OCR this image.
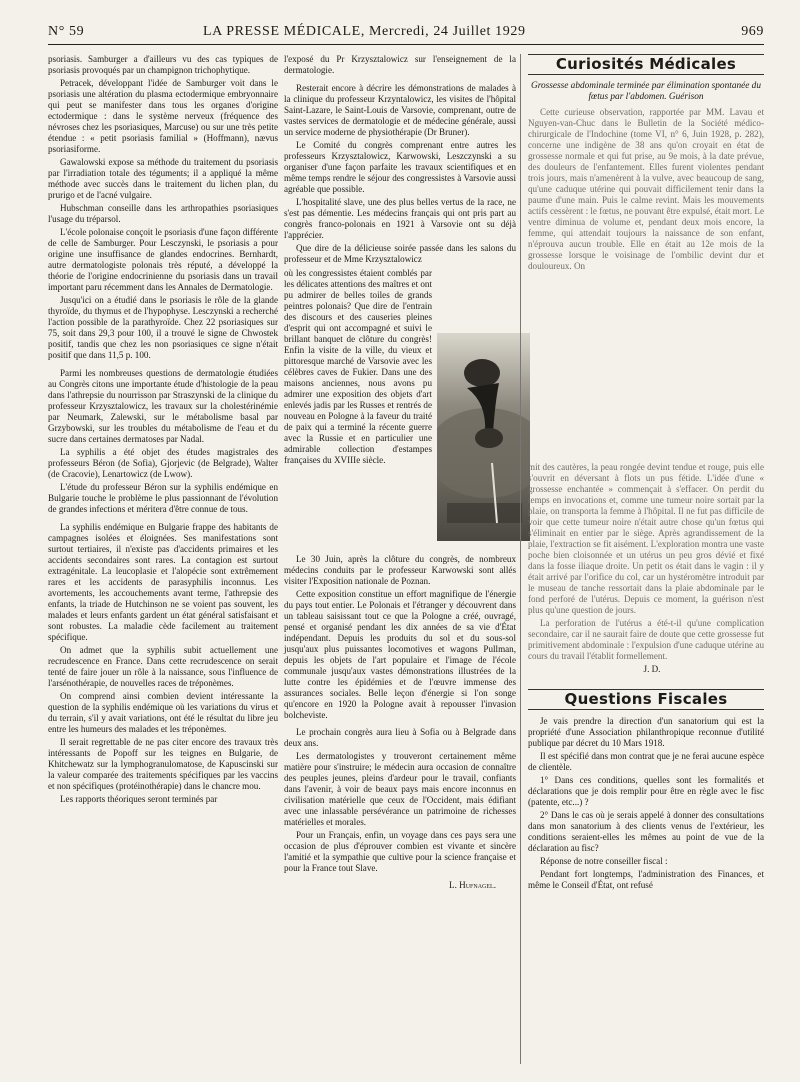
N° 59	LA PRESSE MÉDICALE, Mercredi, 24 Juillet 1929	969

psoriasis. Samburger a d'ailleurs vu des cas typiques de psoriasis provoqués par un champignon trichophytique.

Petracek, développant l'idée de Samburger voit dans le psoriasis une altération du plasma ectodermique embryonnaire qui peut se manifester dans tous les organes d'origine ectodermique : dans le système nerveux (fréquence des névroses chez les psoriasiques, Marcuse) ou sur une très petite étendue : « petit psoriasis familial » (Hoffmann), nævus psoriasiforme.

Gawalowski expose sa méthode du traitement du psoriasis par l'irradiation totale des téguments; il a appliqué la même méthode avec succès dans le traitement du lichen plan, du prurigo et de l'acné vulgaire.

Hubschman conseille dans les arthropathies psoriasiques l'usage du tréparsol.

L'école polonaise conçoit le psoriasis d'une façon différente de celle de Samburger. Pour Lesczynski, le psoriasis a pour origine une insuffisance de glandes endocrines. Bernhardt, autre dermatologiste polonais très réputé, a développé la théorie de l'origine endocrinienne du psoriasis dans un travail important paru récemment dans les Annales de Dermatologie.

Jusqu'ici on a étudié dans le psoriasis le rôle de la glande thyroïde, du thymus et de l'hypophyse. Lesczynski a recherché l'action possible de la parathyroïde. Chez 22 psoriasiques sur 75, soit dans 29,3 pour 100, il a trouvé le signe de Chwostek positif, tandis que chez les non psoriasiques ce signe n'était positif que dans 11,5 p. 100.

Parmi les nombreuses questions de dermatologie étudiées au Congrès citons une importante étude d'histologie de la peau dans l'athrepsie du nourrisson par Straszynski de la clinique du professeur Krzysztalowicz, les travaux sur la cholestérinémie par Neumark, Zalewski, sur le métabolisme basal par Grzybowski, sur les troubles du métabolisme de l'eau et du sucre dans certaines dermatoses par Nadal.

La syphilis a été objet des études magistrales des professeurs Béron (de Sofia), Gjorjevic (de Belgrade), Walter (de Cracovie), Lenartowicz (de Lwow).

L'étude du professeur Béron sur la syphilis endémique en Bulgarie touche le problème le plus passionnant de l'évolution de grandes infections et méritera d'être connue de tous.

La syphilis endémique en Bulgarie frappe des habitants de campagnes isolées et éloignées. Ses manifestations sont surtout tertiaires, il n'existe pas d'accidents primaires et les accidents secondaires sont rares. La contagion est surtout extragénitale. La leucoplasie et l'alopécie sont extrêmement rares et les accidents de parasyphilis inconnus. Les avortements, les accouchements avant terme, l'athrepsie des enfants, la triade de Hutchinson ne se voient pas souvent, les malades et leurs enfants gardent un état général satisfaisant et sont robustes. La maladie cède facilement au traitement spécifique.

On admet que la syphilis subit actuellement une recrudescence en France. Dans cette recrudescence on serait tenté de faire jouer un rôle à la naissance, sous l'influence de l'arsénothérapie, de nouvelles races de tréponèmes.

On comprend ainsi combien devient intéressante la question de la syphilis endémique où les variations du virus et du terrain, s'il y avait variations, ont été le résultat du libre jeu entre les humeurs des malades et les tréponèmes.

Il serait regrettable de ne pas citer encore des travaux très intéressants de Popoff sur les teignes en Bulgarie, de Khitchewatz sur la lymphogranulomatose, de Kapuscinski sur la valeur comparée des traitements spécifiques par les vaccins et non spécifiques (protéinothérapie) dans le chancre mou.

Les rapports théoriques seront terminés par

l'exposé du Pr Krzysztalowicz sur l'enseignement de la dermatologie.

Resterait encore à décrire les démonstrations de malades à la clinique du professeur Krzyntalowicz, les visites de l'hôpital Saint-Lazare, le Saint-Louis de Varsovie, comprenant, outre de vastes services de dermatologie et de médecine générale, aussi un service moderne de physiothérapie (Dr Bruner).

Le Comité du congrès comprenant entre autres les professeurs Krzysztalowicz, Karwowski, Leszczynski a su organiser d'une façon parfaite les travaux scientifiques et en même temps rendre le séjour des congressistes à Varsovie aussi agréable que possible.

L'hospitalité slave, une des plus belles vertus de la race, ne s'est pas démentie. Les médecins français qui ont pris part au congrès franco-polonais en 1921 à Varsovie ont su déjà l'apprécier.

Que dire de la délicieuse soirée passée dans les salons du professeur et de Mme Krzysztalowicz

où les congressistes étaient comblés par les délicates attentions des maîtres et ont pu admirer de belles toiles de grands peintres polonais? Que dire de l'entrain des discours et des causeries pleines d'esprit qui ont accompagné et suivi le brillant banquet de clôture du congrès! Enfin la visite de la ville, du vieux et pittoresque marché de Varsovie avec les célèbres caves de Fukier. Dans une des maisons anciennes, nous avons pu admirer une exposition des objets d'art enlevés jadis par les Russes et rentrés de nouveau en Pologne à la faveur du traité de paix qui a terminé la récente guerre avec la Russie et en particulier une admirable collection d'estampes françaises du XVIIIe siècle.

Le 30 Juin, après la clôture du congrès, de nombreux médecins conduits par le professeur Karwowski sont allés visiter l'Exposition nationale de Poznan.

Cette exposition constitue un effort magnifique de l'énergie du pays tout entier. Le Polonais et l'étranger y découvrent dans un tableau saisissant tout ce que la Pologne a créé, ouvragé, pensé et organisé pendant les dix années de sa vie d'État indépendant. Depuis les produits du sol et du sous-sol jusqu'aux plus puissantes locomotives et wagons Pullman, depuis les objets de l'art populaire et l'image de l'école communale jusqu'aux vastes démonstrations illustrées de la lutte contre les épidémies et de l'œuvre immense des assurances sociales. Belle leçon d'énergie si l'on songe qu'encore en 1920 la Pologne avait à repousser l'invasion bolcheviste.

Le prochain congrès aura lieu à Sofia ou à Belgrade dans deux ans.

Les dermatologistes y trouveront certainement même matière pour s'instruire; le médecin aura occasion de connaître des peuples jeunes, pleins d'ardeur pour le travail, confiants dans l'avenir, à voir de beaux pays mais encore inconnus en civilisation matérielle que ceux de l'Occident, mais édifiant avec une inlassable persévérance un patrimoine de richesses matérielles et morales.

Pour un Français, enfin, un voyage dans ces pays sera une occasion de plus d'éprouver combien est vivante et sincère l'amitié et la sympathie que cultive pour la science française et pour la France tout Slave.

L. Hufnagel.

Curiosités Médicales
Grossesse abdominale terminée par élimination spontanée du fœtus par l'abdomen. Guérison

Cette curieuse observation, rapportée par MM. Lavau et Nguyen-van-Chuc dans le Bulletin de la Société médico-chirurgicale de l'Indochine (tome VI, n° 6, Juin 1928, p. 282), concerne une indigène de 38 ans qu'on croyait en état de grossesse normale et qui fut prise, au 9e mois, à la date prévue, des douleurs de l'enfantement. Elles furent violentes pendant trois jours, mais n'amenèrent à la vulve, avec beaucoup de sang, qu'une caduque utérine qui pouvait difficilement tenir dans la paume d'une main. Puis le calme revint. Mais les mouvements actifs cessèrent : le fœtus, ne pouvant être expulsé, était mort. Le ventre diminua de volume et, pendant deux mois encore, la femme, qui attendait toujours la naissance de son enfant, n'éprouva aucun trouble. Elle en était au 12e mois de la grossesse lorsque le voisinage de l'ombilic devint dur et douloureux. On

mit des cautères, la peau rongée devint tendue et rouge, puis elle s'ouvrit en déversant à flots un pus fétide. L'idée d'une « grossesse enchantée » commençait à s'effacer. On perdit du temps en invocations et, comme une tumeur noire sortait par la plaie, on transporta la femme à l'hôpital. Il ne fut pas difficile de voir que cette tumeur noire n'était autre chose qu'un fœtus qui s'éliminait en entier par le siège. Après agrandissement de la plaie, l'extraction se fit aisément. L'exploration montra une vaste poche bien cloisonnée et un utérus un peu gros dévié et fixé dans la fosse iliaque droite. Un petit os était dans le vagin : il y était arrivé par l'orifice du col, car un hystéromètre introduit par le museau de tanche ressortait dans la plaie abdominale par le fond perforé de l'utérus. Depuis ce moment, la guérison n'est plus qu'une question de jours.

La perforation de l'utérus a été-t-il qu'une complication secondaire, car il ne saurait faire de doute que cette grossesse fut primitivement abdominale : l'expulsion d'une caduque utérine au cours du travail l'établit formellement.

J. D.

Questions Fiscales

Je vais prendre la direction d'un sanatorium qui est la propriété d'une Association philanthropique reconnue d'utilité publique par décret du 10 Mars 1918.

Il est spécifié dans mon contrat que je ne ferai aucune espèce de clientèle.

1° Dans ces conditions, quelles sont les formalités et déclarations que je dois remplir pour être en règle avec le fisc (patente, etc...) ?

2° Dans le cas où je serais appelé à donner des consultations dans mon sanatorium à des clients venus de l'extérieur, les conditions seraient-elles les mêmes au point de vue de la déclaration au fisc?

Réponse de notre conseiller fiscal :

Pendant fort longtemps, l'administration des Finances, et même le Conseil d'État, ont refusé
